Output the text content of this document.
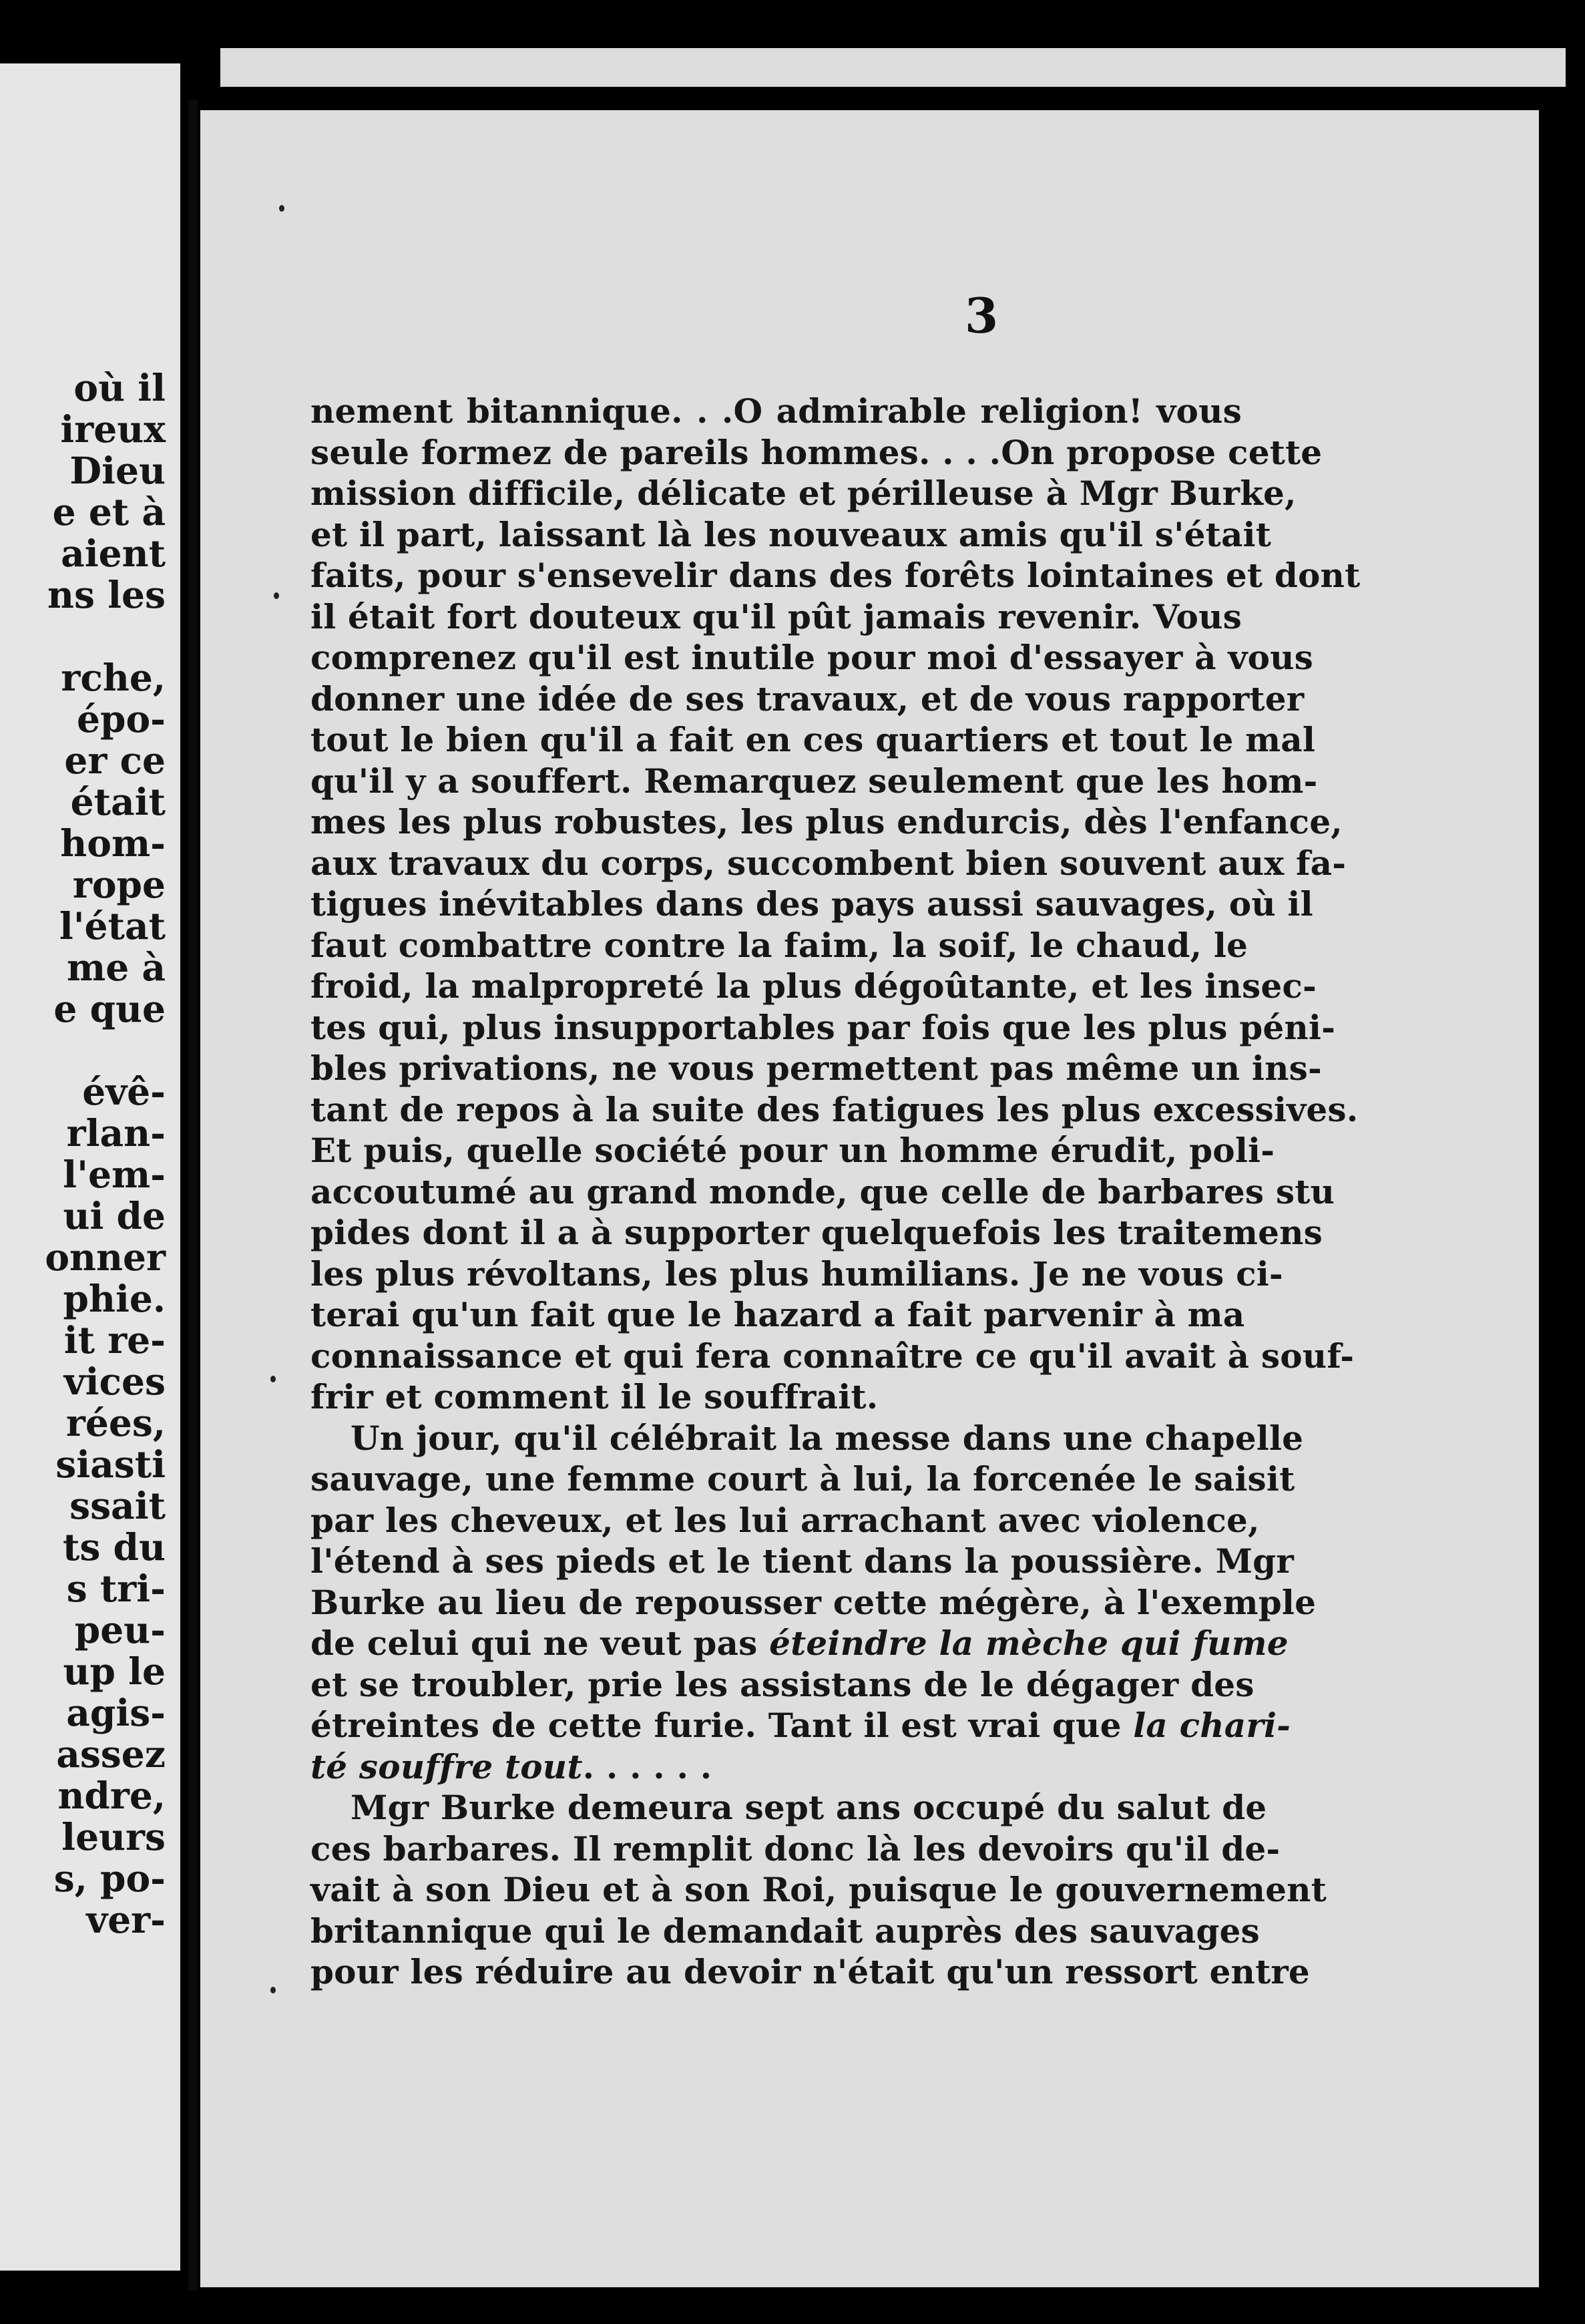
où il
ireux
Dieu
e et à
aient
ns les
rche,
épo-
er ce
était
hom-
rope
l'état
me à
e que
évê-
rlan-
l'em-
ui de
onner
phie.
it re-
vices
rées,
siasti
ssait
ts du
s tri-
peu-
up le
agis-
assez
ndre,
leurs
s, po-
ver-
3
nement bitannique. . .O admirable religion! vous
seule formez de pareils hommes. . . .On propose cette
mission difficile, délicate et périlleuse à Mgr Burke,
et il part, laissant là les nouveaux amis qu'il s'était
faits, pour s'ensevelir dans des forêts lointaines et dont
il était fort douteux qu'il pût jamais revenir. Vous
comprenez qu'il est inutile pour moi d'essayer à vous
donner une idée de ses travaux, et de vous rapporter
tout le bien qu'il a fait en ces quartiers et tout le mal
qu'il y a souffert. Remarquez seulement que les hom-
mes les plus robustes, les plus endurcis, dès l'enfance,
aux travaux du corps, succombent bien souvent aux fa-
tigues inévitables dans des pays aussi sauvages, où il
faut combattre contre la faim, la soif, le chaud, le
froid, la malpropreté la plus dégoûtante, et les insec-
tes qui, plus insupportables par fois que les plus péni-
bles privations, ne vous permettent pas même un ins-
tant de repos à la suite des fatigues les plus excessives.
Et puis, quelle société pour un homme érudit, poli-
accoutumé au grand monde, que celle de barbares stu
pides dont il a à supporter quelquefois les traitemens
les plus révoltans, les plus humilians. Je ne vous ci-
terai qu'un fait que le hazard a fait parvenir à ma
connaissance et qui fera connaître ce qu'il avait à souf-
frir et comment il le souffrait.
Un jour, qu'il célébrait la messe dans une chapelle
sauvage, une femme court à lui, la forcenée le saisit
par les cheveux, et les lui arrachant avec violence,
l'étend à ses pieds et le tient dans la poussière. Mgr
Burke au lieu de repousser cette mégère, à l'exemple
de celui qui ne veut pas éteindre la mèche qui fume
et se troubler, prie les assistans de le dégager des
étreintes de cette furie. Tant il est vrai que la chari-
té souffre tout. . . . . .
Mgr Burke demeura sept ans occupé du salut de
ces barbares. Il remplit donc là les devoirs qu'il de-
vait à son Dieu et à son Roi, puisque le gouvernement
britannique qui le demandait auprès des sauvages
pour les réduire au devoir n'était qu'un ressort entre
